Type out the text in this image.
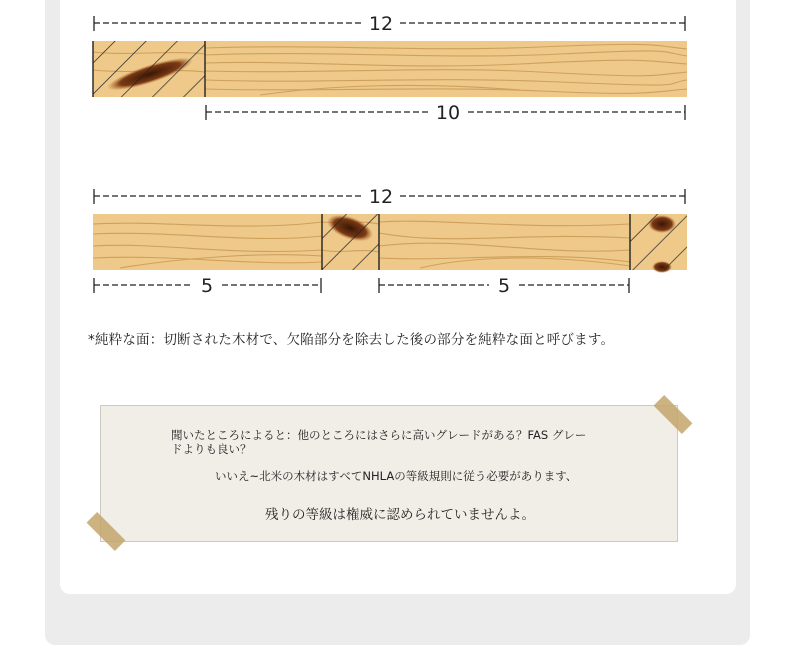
12
10
12
5	5
*純粋な面：切断された木材で、欠陥部分を除去した後の部分を純粋な面と呼びます。
聞いたところによると：他のところにはさらに高いグレードがある？FAS グレードよりも良い？
いいえ~北米の木材はすべてNHLAの等級規則に従う必要があります、
残りの等級は権威に認められていませんよ。
